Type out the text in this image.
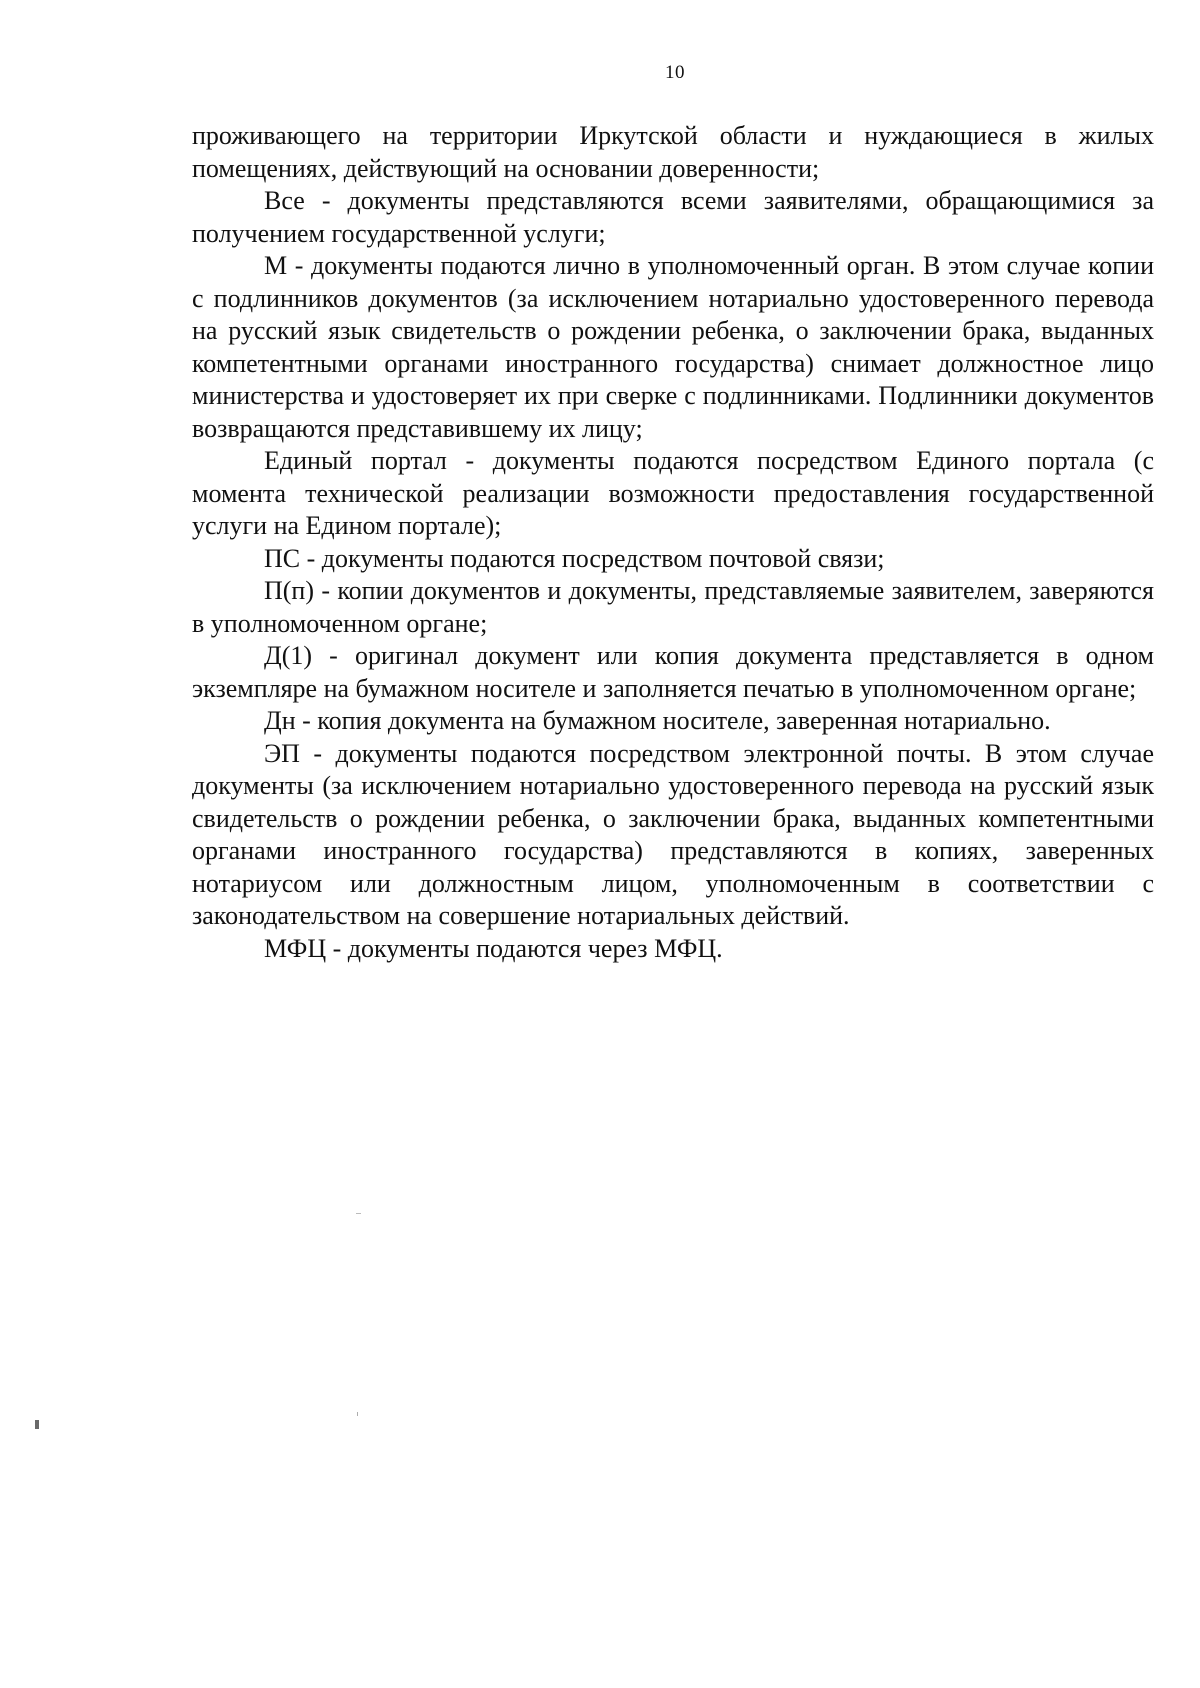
10

проживающего на территории Иркутской области и нуждающиеся в жилых помещениях, действующий на основании доверенности;

Все - документы представляются всеми заявителями, обращающимися за получением государственной услуги;

М - документы подаются лично в уполномоченный орган. В этом случае копии с подлинников документов (за исключением нотариально удостоверенного перевода на русский язык свидетельств о рождении ребенка, о заключении брака, выданных компетентными органами иностранного государства) снимает должностное лицо министерства и удостоверяет их при сверке с подлинниками. Подлинники документов возвращаются представившему их лицу;

Единый портал - документы подаются посредством Единого портала (с момента технической реализации возможности предоставления государственной услуги на Едином портале);

ПС - документы подаются посредством почтовой связи;

П(п) - копии документов и документы, представляемые заявителем, заверяются в уполномоченном органе;

Д(1) - оригинал документ или копия документа представляется в одном экземпляре на бумажном носителе и заполняется печатью в уполномоченном органе;

Дн - копия документа на бумажном носителе, заверенная нотариально.

ЭП - документы подаются посредством электронной почты. В этом случае документы (за исключением нотариально удостоверенного перевода на русский язык свидетельств о рождении ребенка, о заключении брака, выданных компетентными органами иностранного государства) представляются в копиях, заверенных нотариусом или должностным лицом, уполномоченным в соответствии с законодательством на совершение нотариальных действий.

МФЦ - документы подаются через МФЦ.
